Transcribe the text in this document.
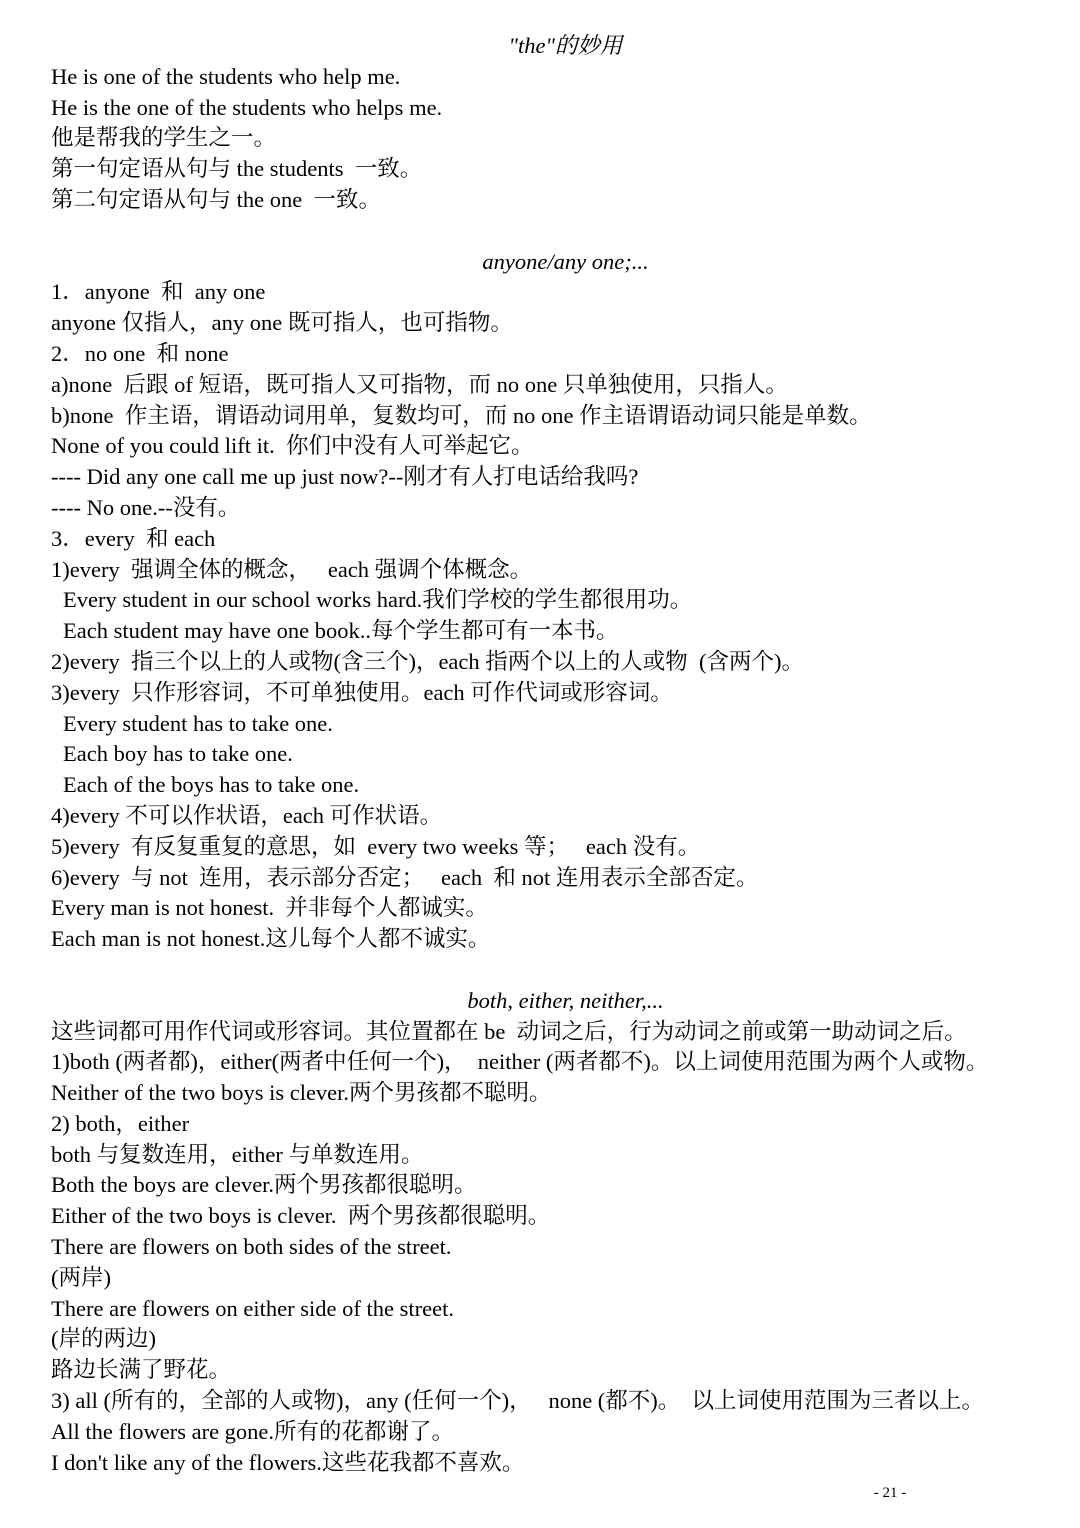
"the"的妙用
He is one of the students who help me.
He is the one of the students who helps me.
他是帮我的学生之一。
第一句定语从句与 the students  一致。
第二句定语从句与 the one  一致。
anyone/any one;...
1．anyone  和  any one
anyone 仅指人，any one 既可指人，也可指物。
2．no one  和 none
a)none  后跟 of 短语，既可指人又可指物，而 no one 只单独使用，只指人。
b)none  作主语，谓语动词用单，复数均可，而 no one 作主语谓语动词只能是单数。
None of you could lift it.  你们中没有人可举起它。
---- Did any one call me up just now?--刚才有人打电话给我吗?
---- No one.--没有。
3．every  和 each
1)every  强调全体的概念，   each 强调个体概念。
Every student in our school works hard.我们学校的学生都很用功。
Each student may have one book..每个学生都可有一本书。
2)every  指三个以上的人或物(含三个)，each 指两个以上的人或物  (含两个)。
3)every  只作形容词，不可单独使用。each 可作代词或形容词。
Every student has to take one.
Each boy has to take one.
Each of the boys has to take one.
4)every 不可以作状语，each 可作状语。
5)every  有反复重复的意思，如  every two weeks 等；   each 没有。
6)every  与 not  连用，表示部分否定；   each  和 not 连用表示全部否定。
Every man is not honest.  并非每个人都诚实。
Each man is not honest.这儿每个人都不诚实。
both, either, neither,...
这些词都可用作代词或形容词。其位置都在 be  动词之后，行为动词之前或第一助动词之后。
1)both (两者都)，either(两者中任何一个)，  neither (两者都不)。以上词使用范围为两个人或物。
Neither of the two boys is clever.两个男孩都不聪明。
2) both，either
both 与复数连用，either 与单数连用。
Both the boys are clever.两个男孩都很聪明。
Either of the two boys is clever.  两个男孩都很聪明。
There are flowers on both sides of the street.
(两岸)
There are flowers on either side of the street.
(岸的两边)
路边长满了野花。
3) all (所有的，全部的人或物)，any (任何一个)，   none (都不)。  以上词使用范围为三者以上。
All the flowers are gone.所有的花都谢了。
I don't like any of the flowers.这些花我都不喜欢。
- 21 -
